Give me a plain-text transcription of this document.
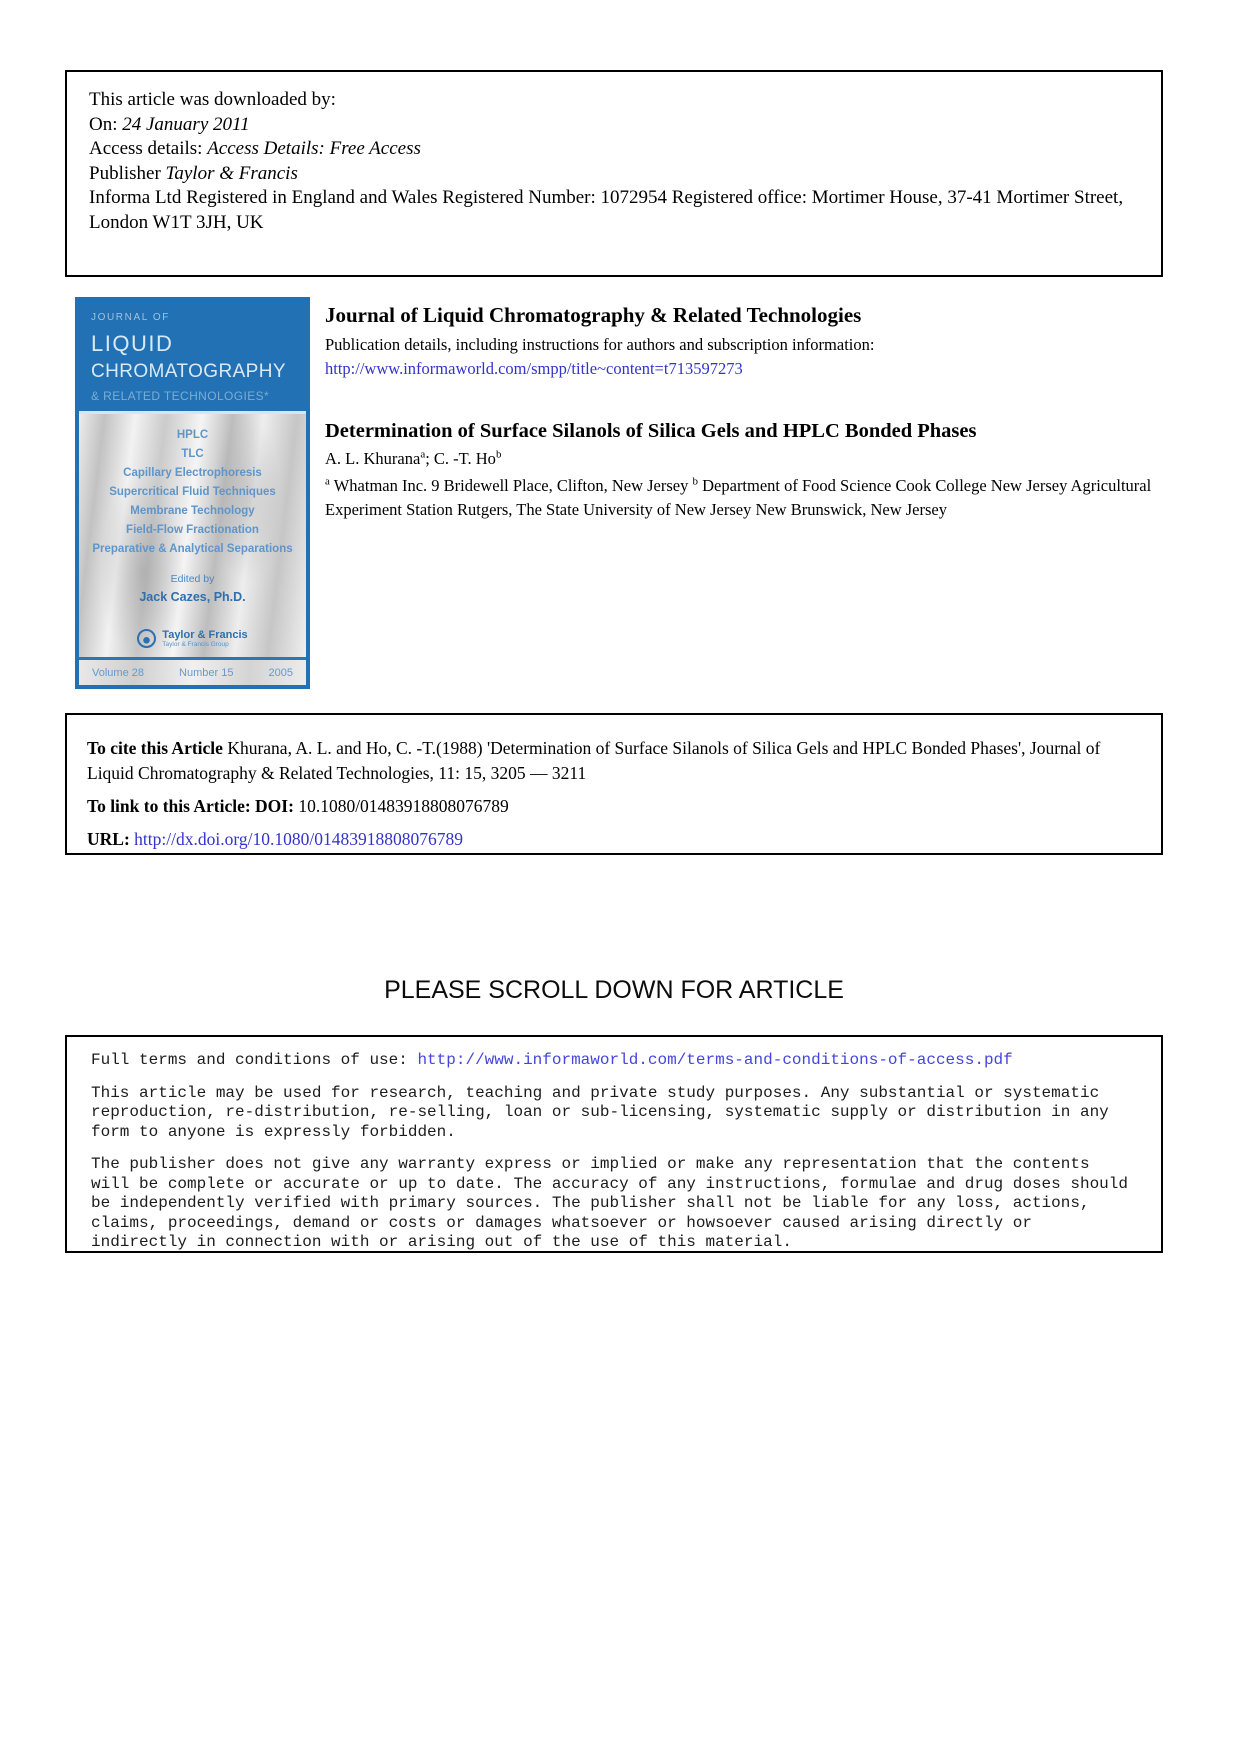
This article was downloaded by:

On: 24 January 2011

Access details: Access Details: Free Access

Publisher Taylor & Francis

Informa Ltd Registered in England and Wales Registered Number: 1072954 Registered office: Mortimer House, 37-41 Mortimer Street, London W1T 3JH, UK

JOURNAL OF
LIQUID
CHROMATOGRAPHY
& RELATED TECHNOLOGIES*
HPLC
TLC
Capillary Electrophoresis
Supercritical Fluid Techniques
Membrane Technology
Field-Flow Fractionation
Preparative & Analytical Separations
Edited by
Jack Cazes, Ph.D.
Taylor & Francis
Taylor & Francis Group
Volume 28	Number 15	2005

Journal of Liquid Chromatography & Related Technologies

Publication details, including instructions for authors and subscription information:

http://www.informaworld.com/smpp/title~content=t713597273

Determination of Surface Silanols of Silica Gels and HPLC Bonded Phases

A. L. Khurana$^a$; C. -T. Ho$^b$

$^a$ Whatman Inc. 9 Bridewell Place, Clifton, New Jersey $^b$ Department of Food Science Cook College New Jersey Agricultural Experiment Station Rutgers, The State University of New Jersey New Brunswick, New Jersey

To cite this Article Khurana, A. L. and Ho, C. -T.(1988) 'Determination of Surface Silanols of Silica Gels and HPLC Bonded Phases', Journal of Liquid Chromatography & Related Technologies, 11: 15, 3205 — 3211

To link to this Article: DOI: 10.1080/01483918808076789

URL: http://dx.doi.org/10.1080/01483918808076789

PLEASE SCROLL DOWN FOR ARTICLE

Full terms and conditions of use: http://www.informaworld.com/terms-and-conditions-of-access.pdf

This article may be used for research, teaching and private study purposes. Any substantial or systematic reproduction, re-distribution, re-selling, loan or sub-licensing, systematic supply or distribution in any form to anyone is expressly forbidden.

The publisher does not give any warranty express or implied or make any representation that the contents will be complete or accurate or up to date. The accuracy of any instructions, formulae and drug doses should be independently verified with primary sources. The publisher shall not be liable for any loss, actions, claims, proceedings, demand or costs or damages whatsoever or howsoever caused arising directly or indirectly in connection with or arising out of the use of this material.
